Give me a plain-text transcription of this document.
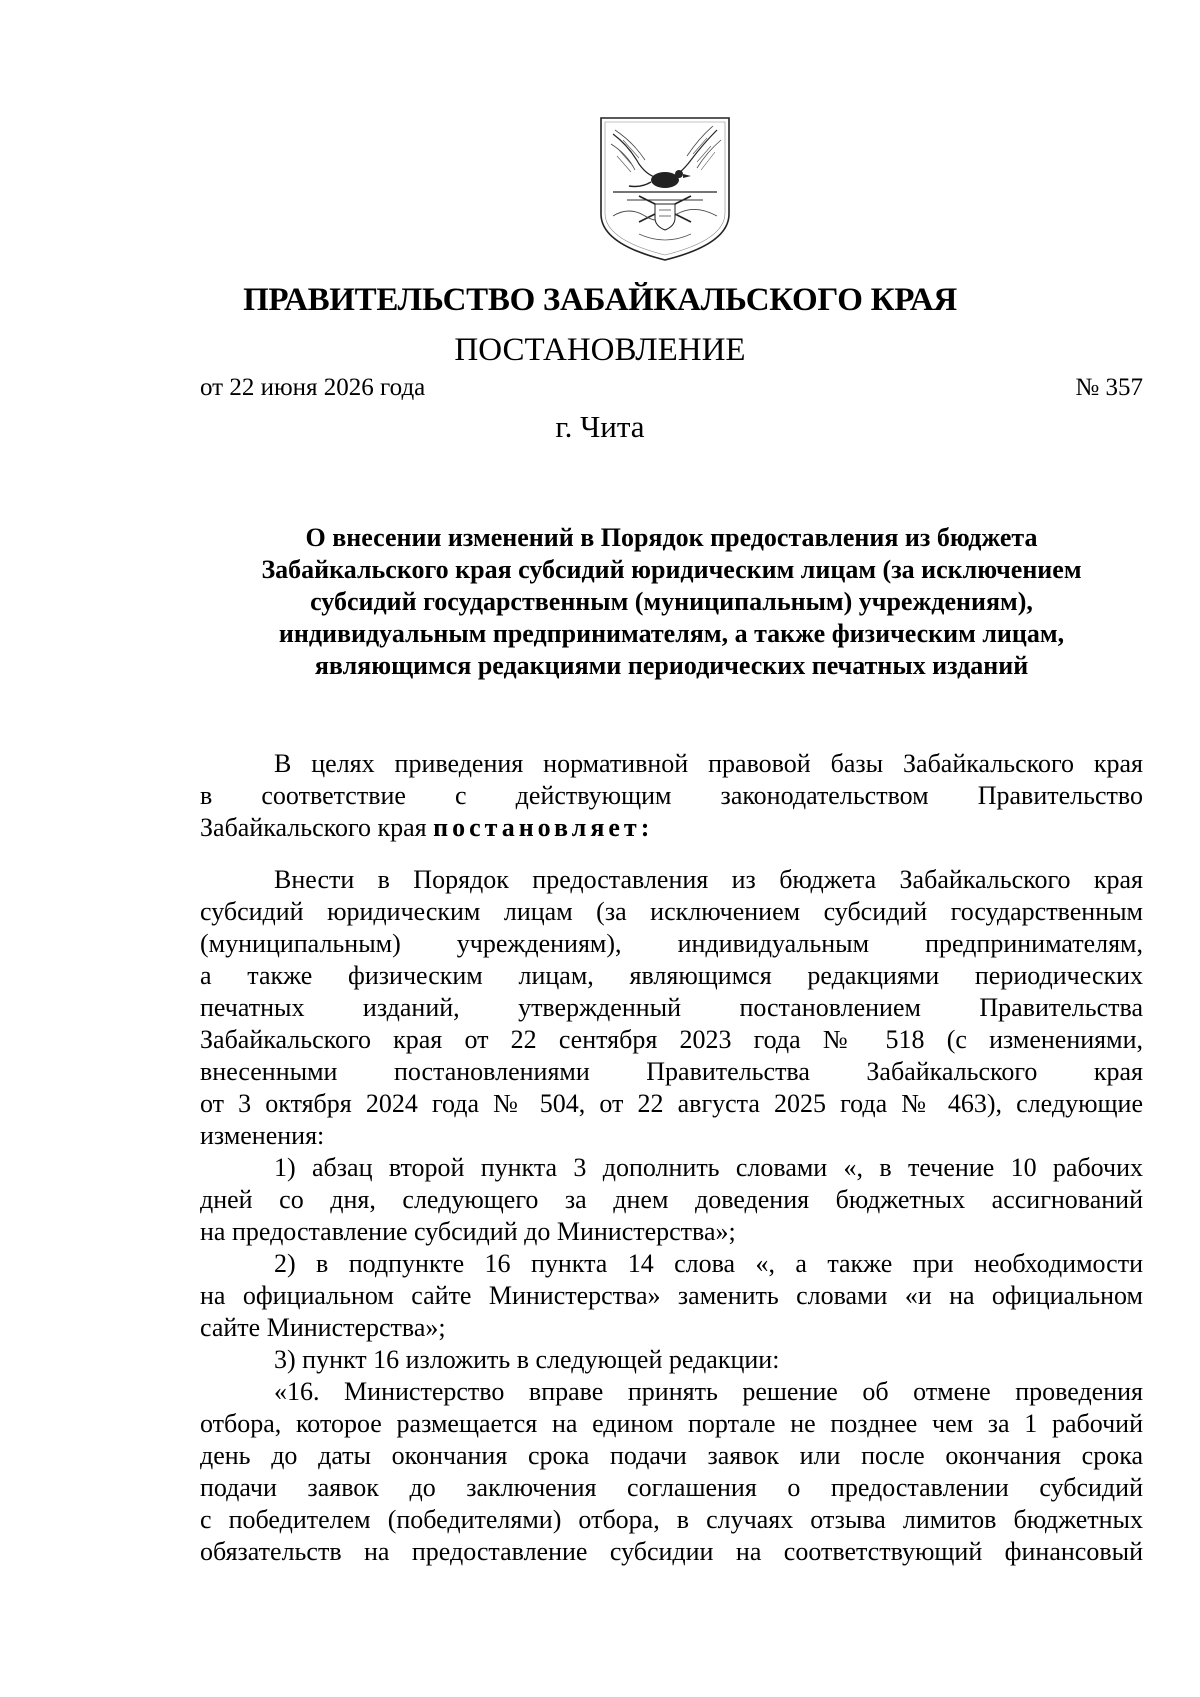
ПРАВИТЕЛЬСТВО ЗАБАЙКАЛЬСКОГО КРАЯ
ПОСТАНОВЛЕНИЕ
от 22 июня 2026 года	№ 357
г. Чита
О внесении изменений в Порядок предоставления из бюджета
Забайкальского края субсидий юридическим лицам (за исключением
субсидий государственным (муниципальным) учреждениям),
индивидуальным предпринимателям, а также физическим лицам,
являющимся редакциями периодических печатных изданий
В целях приведения нормативной правовой базы Забайкальского края
в соответствие с действующим законодательством Правительство
Забайкальского края постановляет:
Внести в Порядок предоставления из бюджета Забайкальского края
субсидий юридическим лицам (за исключением субсидий государственным
(муниципальным) учреждениям), индивидуальным предпринимателям,
а также физическим лицам, являющимся редакциями периодических
печатных изданий, утвержденный постановлением Правительства
Забайкальского края от 22 сентября 2023 года № 518 (с изменениями,
внесенными постановлениями Правительства Забайкальского края
от 3 октября 2024 года № 504, от 22 августа 2025 года № 463), следующие
изменения:
1) абзац второй пункта 3 дополнить словами «, в течение 10 рабочих
дней со дня, следующего за днем доведения бюджетных ассигнований
на предоставление субсидий до Министерства»;
2) в подпункте 16 пункта 14 слова «, а также при необходимости
на официальном сайте Министерства» заменить словами «и на официальном
сайте Министерства»;
3) пункт 16 изложить в следующей редакции:
«16. Министерство вправе принять решение об отмене проведения
отбора, которое размещается на едином портале не позднее чем за 1 рабочий
день до даты окончания срока подачи заявок или после окончания срока
подачи заявок до заключения соглашения о предоставлении субсидий
с победителем (победителями) отбора, в случаях отзыва лимитов бюджетных
обязательств на предоставление субсидии на соответствующий финансовый
